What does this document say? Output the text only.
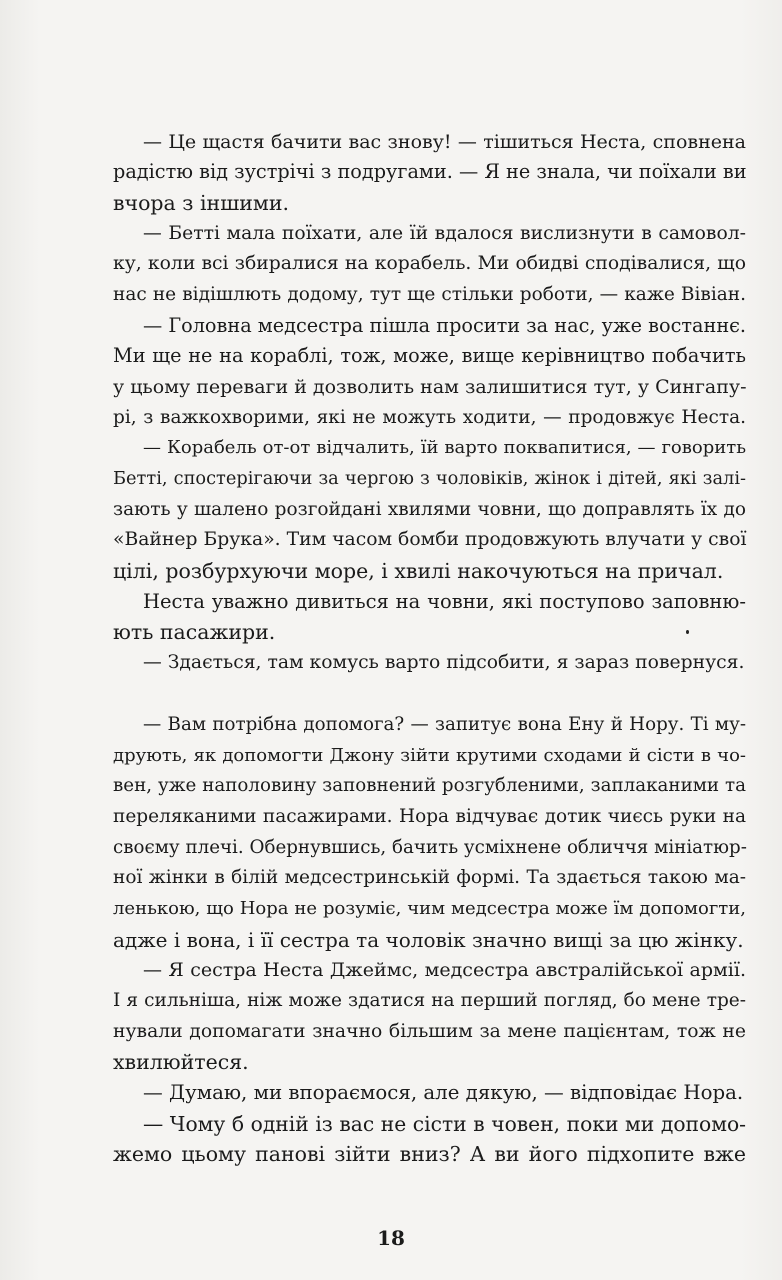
— Це щастя бачити вас знову! — тішиться Неста, сповнена

радістю від зустрічі з подругами. — Я не знала, чи поїхали ви

вчора з іншими.

— Бетті мала поїхати, але їй вдалося вислизнути в самовол-

ку, коли всі збиралися на корабель. Ми обидві сподівалися, що

нас не відішлють додому, тут ще стільки роботи, — каже Вівіан.

— Головна медсестра пішла просити за нас, уже востаннє.

Ми ще не на кораблі, тож, може, вище керівництво побачить

у цьому переваги й дозволить нам залишитися тут, у Сингапу-

рі, з важкохворими, які не можуть ходити, — продовжує Неста.

— Корабель от-от відчалить, їй варто поквапитися, — говорить

Бетті, спостерігаючи за чергою з чоловіків, жінок і дітей, які залі-

зають у шалено розгойдані хвилями човни, що доправлять їх до

«Вайнер Брука». Тим часом бомби продовжують влучати у свої

цілі, розбурхуючи море, і хвилі накочуються на причал.

Неста уважно дивиться на човни, які поступово заповню-

ють пасажири.

— Здається, там комусь варто підсобити, я зараз повернуся.

— Вам потрібна допомога? — запитує вона Ену й Нору. Ті му-

друють, як допомогти Джону зійти крутими сходами й сісти в чо-

вен, уже наполовину заповнений розгубленими, заплаканими та

переляканими пасажирами. Нора відчуває дотик чиєсь руки на

своєму плечі. Обернувшись, бачить усміхнене обличчя мініатюр-

ної жінки в білій медсестринській формі. Та здається такою ма-

ленькою, що Нора не розуміє, чим медсестра може їм допомогти,

адже і вона, і її сестра та чоловік значно вищі за цю жінку.

— Я сестра Неста Джеймс, медсестра австралійської армії.

І я сильніша, ніж може здатися на перший погляд, бо мене тре-

нували допомагати значно більшим за мене пацієнтам, тож не

хвилюйтеся.

— Думаю, ми впораємося, але дякую, — відповідає Нора.

— Чому б одній із вас не сісти в човен, поки ми допомо-

жемо цьому панові зійти вниз? А ви його підхопите вже

18
